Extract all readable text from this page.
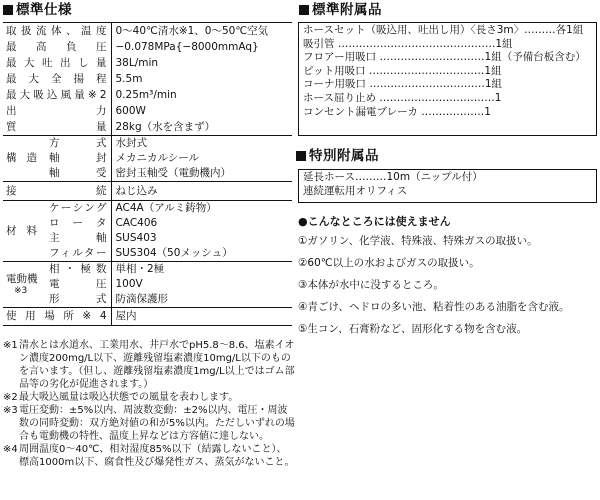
標準仕様
取扱流体、温度		0～40℃清水※1、0～50℃空気
最高負圧		−0.078MPa{−8000mmAq}
最大吐出し量		38L/min
最大全揚程		5.5m
最大吸込風量※2		0.25m³/min
出力		600W
質量		28kg（水を含まず）
構造	方式	水封式
	軸封	メカニカルシール
	軸受	密封玉軸受（電動機内）
接続		ねじ込み
材料	ケーシング	AC4A（アルミ鋳物）
	ロータ	CAC406
	主軸	SUS403
	フィルター	SUS304（50メッシュ）

電動機
※3	相・極数	単相・2極
	電圧	100V
	形式	防滴保護形
使用場所※4		屋内
標準附属品
ホースセット（吸込用、吐出し用）〈長さ3m〉………各1組
吸引管 ………………………………………1組
フロアー用吸口 …………………………1組（予備台板含む）
ピット用吸口 ……………………………1組
コーナ用吸口 ……………………………1組
ホース屈り止め ……………………………1
コンセント漏電ブレーカ ………………1
特別附属品
延長ホース………10m（ニップル付）
連続運転用オリフィス
●こんなところには使えません
①ガソリン、化学液、特殊液、特殊ガスの取扱い。
②60℃以上の水およびガスの取扱い。
③本体が水中に没するところ。
④青ごけ、ヘドロの多い池、粘着性のある油脂を含む液。
⑤生コン、石膏粉など、固形化する物を含む液。
※1 清水とは水道水、工業用水、井戸水でpH5.8～8.6、塩素イオン濃度200mg/L以下、遊離残留塩素濃度10mg/L以下のものを言います。（但し、遊離残留塩素濃度1mg/L以上ではゴム部品等の劣化が促進されます。）
※2 最大吸込風量は吸込状態での風量を表わします。
※3 電圧変動：±5%以内、周波数変動：±2%以内、電圧・周波数の同時変動：双方絶対値の和が5%以内。ただしいずれの場合も電動機の特性、温度上昇などは方容値に達しない。
※4 周囲温度0～40℃、相対湿度85%以下（結露しないこと）、標高1000m以下、腐食性及び爆発性ガス、蒸気がないこと。
